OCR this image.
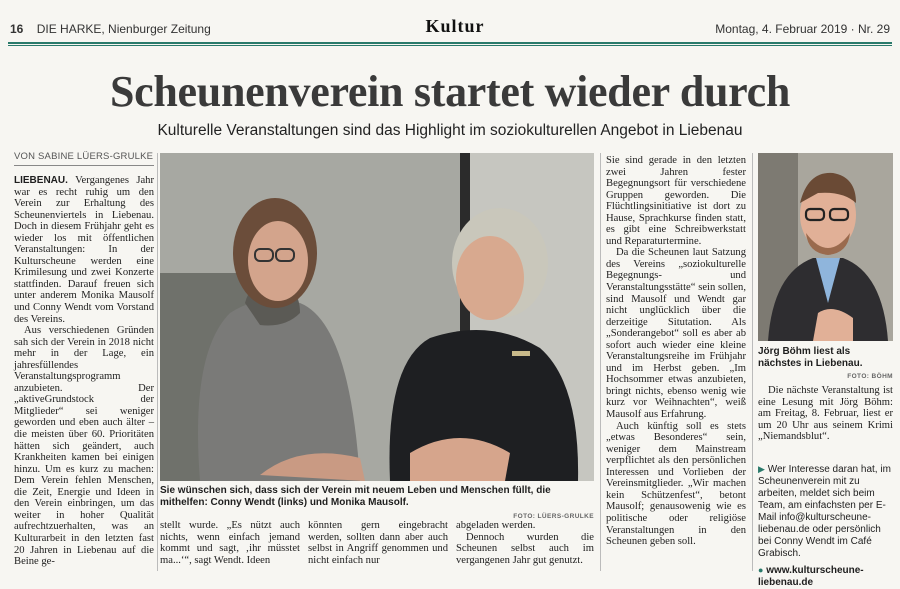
16 DIE HARKE, Nienburger Zeitung	Kultur	Montag, 4. Februar 2019 · Nr. 29
Scheunenverein startet wieder durch
Kulturelle Veranstaltungen sind das Highlight im soziokulturellen Angebot in Liebenau
VON SABINE LÜERS-GRULKE

LIEBENAU. Vergangenes Jahr war es recht ruhig um den Verein zur Erhaltung des Scheunenviertels in Liebenau. Doch in diesem Frühjahr geht es wieder los mit öffentlichen Veranstaltungen: In der Kulturscheune werden eine Krimilesung und zwei Konzerte stattfinden. Darauf freuen sich unter anderem Monika Mausolf und Conny Wendt vom Vorstand des Vereins.

Aus verschiedenen Gründen sah sich der Verein in 2018 nicht mehr in der Lage, ein jahresfüllendes Veranstaltungsprogramm anzubieten. Der „aktiveGrundstock der Mitglieder“ sei weniger geworden und eben auch älter – die meisten über 60. Prioritäten hätten sich geändert, auch Krankheiten kamen bei einigen hinzu. Um es kurz zu machen: Dem Verein fehlen Menschen, die Zeit, Energie und Ideen in den Verein einbringen, um das weiter in hoher Qualität aufrechtzuerhalten, was an Kulturarbeit in den letzten fast 20 Jahren in Liebenau auf die Beine ge-

Sie wünschen sich, dass sich der Verein mit neuem Leben und Menschen füllt, die mithelfen: Conny Wendt (links) und Monika Mausolf.
FOTO: LÜERS-GRULKE

stellt wurde. „Es nützt auch nichts, wenn einfach jemand kommt und sagt, ‚ihr müsstet ma...‘“, sagt Wendt. Ideen

könnten gern eingebracht werden, sollten dann aber auch selbst in Angriff genommen und nicht einfach nur

abgeladen werden.

Dennoch wurden die Scheunen selbst auch im vergangenen Jahr gut genutzt.

Sie sind gerade in den letzten zwei Jahren fester Begegnungsort für verschiedene Gruppen geworden. Die Flüchtlingsinitiative ist dort zu Hause, Sprachkurse finden statt, es gibt eine Schreibwerkstatt und Reparaturtermine.

Da die Scheunen laut Satzung des Vereins „soziokulturelle Begegnungs- und Veranstaltungsstätte“ sein sollen, sind Mausolf und Wendt gar nicht unglücklich über die derzeitige Situtation. Als „Sonderangebot“ soll es aber ab sofort auch wieder eine kleine Veranstaltungsreihe im Frühjahr und im Herbst geben. „Im Hochsommer etwas anzubieten, bringt nichts, ebenso wenig wie kurz vor Weihnachten“, weiß Mausolf aus Erfahrung.

Auch künftig soll es stets „etwas Besonderes“ sein, weniger dem Mainstream verpflichtet als den persönlichen Interessen und Vorlieben der Vereinsmitglieder. „Wir machen kein Schützenfest“, betont Mausolf; genausowenig wie es politische oder religiöse Veranstaltungen in den Scheunen geben soll.

Jörg Böhm liest als nächstes in Liebenau.
FOTO: BÖHM

Die nächste Veranstaltung ist eine Lesung mit Jörg Böhm: am Freitag, 8. Februar, liest er um 20 Uhr aus seinem Krimi „Niemandsblut“.

▶ Wer Interesse daran hat, im Scheunenverein mit zu arbeiten, meldet sich beim Team, am einfachsten per E-Mail info@kulturscheune-liebenau.de oder persönlich bei Conny Wendt im Café Grabisch.
● www.kulturscheune-liebenau.de
